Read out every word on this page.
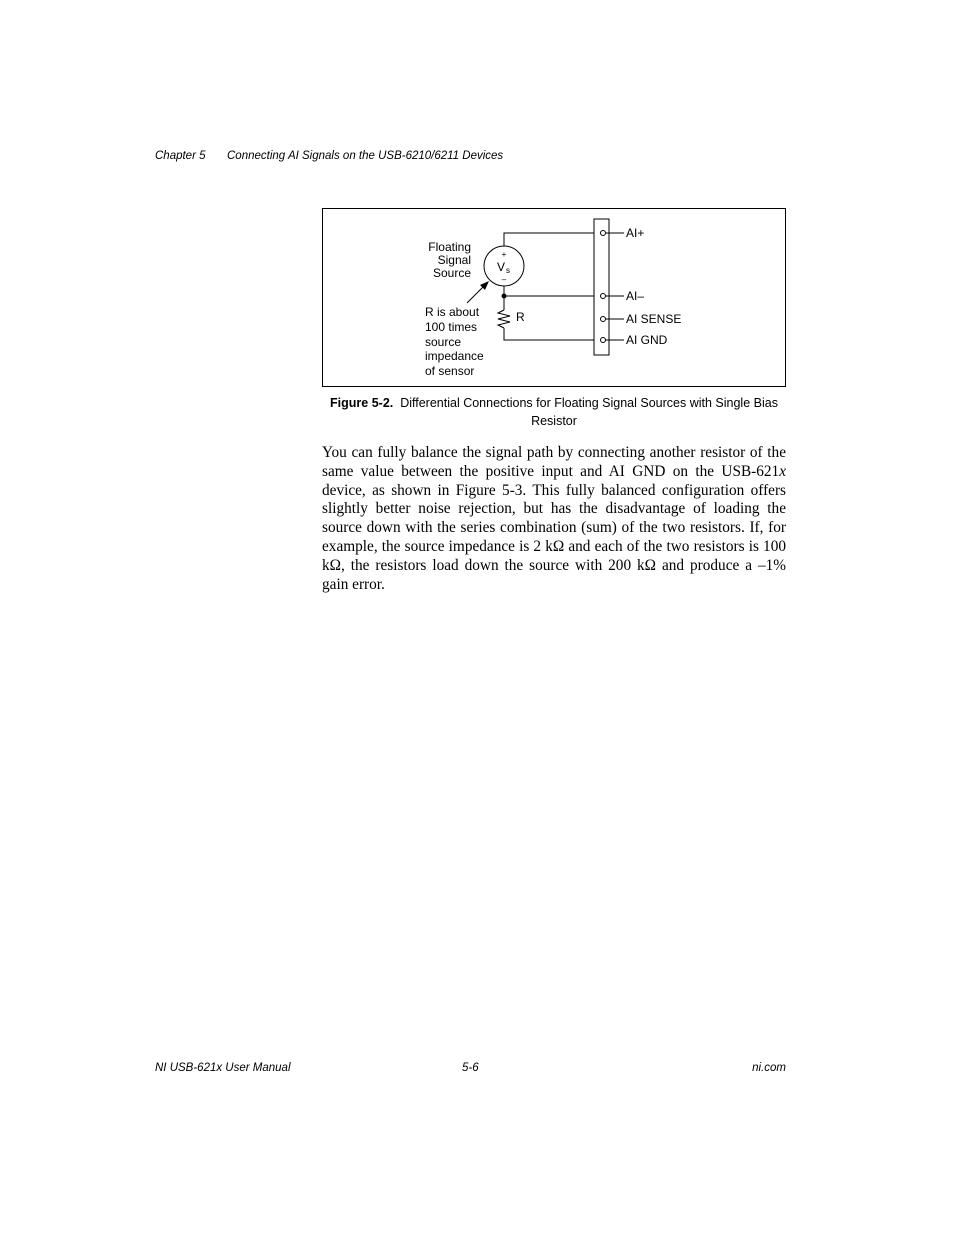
Chapter 5 Connecting AI Signals on the USB-6210/6211 Devices
Floating
Signal
Source
+
V s
–
R
R is about
100 times
source
impedance
of sensor
AI+
AI–
AI SENSE
AI GND
Figure 5-2. Differential Connections for Floating Signal Sources with Single Bias Resistor
You can fully balance the signal path by connecting another resistor of the same value between the positive input and AI GND on the USB-621x device, as shown in Figure 5-3. This fully balanced configuration offers slightly better noise rejection, but has the disadvantage of loading the source down with the series combination (sum) of the two resistors. If, for example, the source impedance is 2 kΩ and each of the two resistors is 100 kΩ, the resistors load down the source with 200 kΩ and produce a –1% gain error.
NI USB-621x User Manual	5-6	ni.com
